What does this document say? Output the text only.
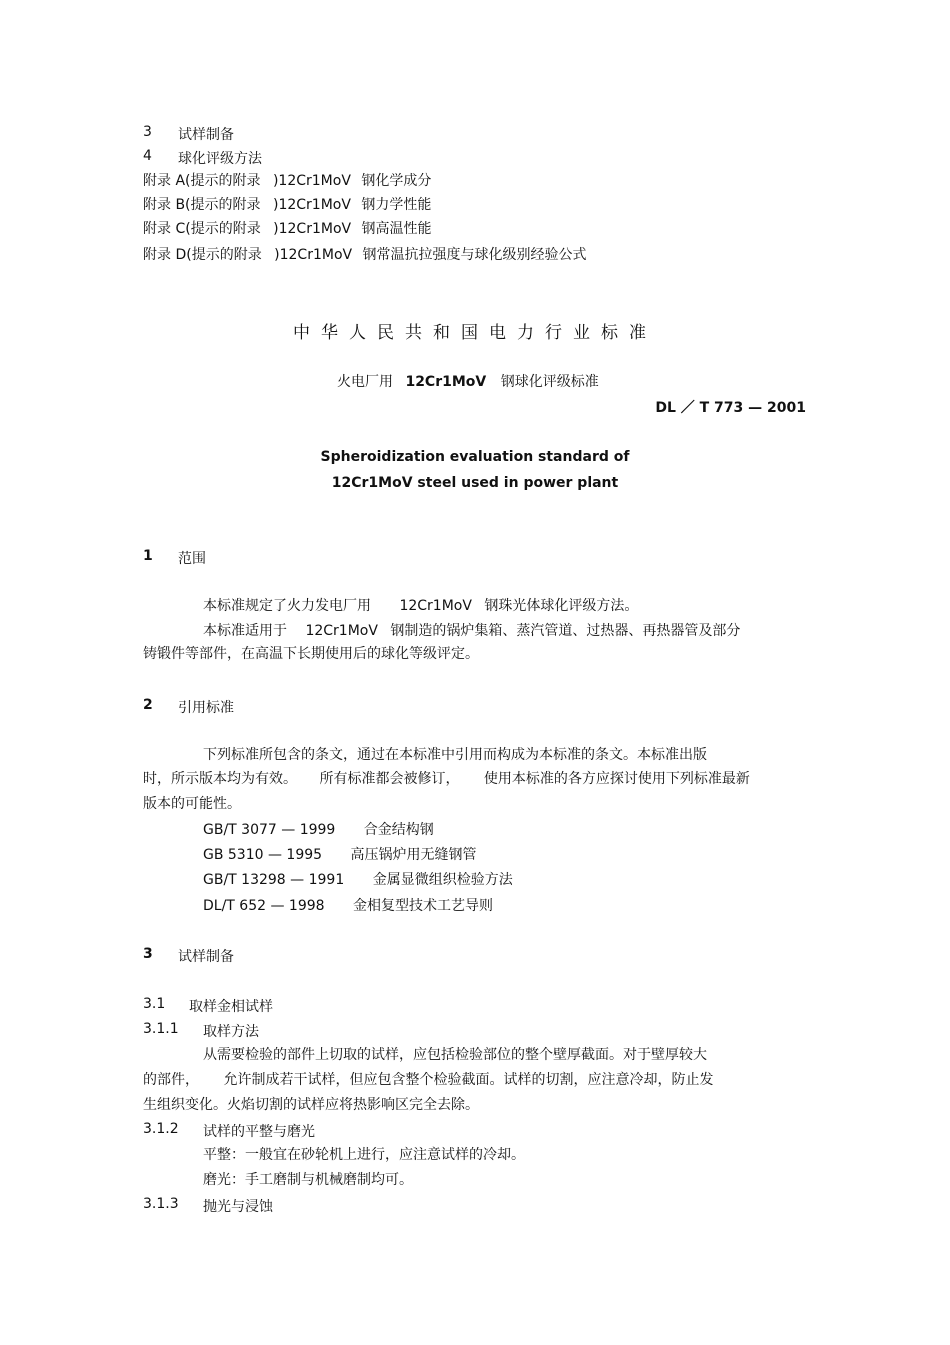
3 试样制备
4 球化评级方法
附录 A(提示的附录 )12Cr1MoV 钢化学成分
附录 B(提示的附录 )12Cr1MoV 钢力学性能
附录 C(提示的附录 )12Cr1MoV 钢高温性能
附录 D(提示的附录 )12Cr1MoV 钢常温抗拉强度与球化级别经验公式
中华人民共和国电力行业标准
火电厂用 12Cr1MoV 钢球化评级标准
DL ／ T 773 — 2001
Spheroidization evaluation standard of
12Cr1MoV steel used in power plant
1 范围
本标准规定了火力发电厂用 12Cr1MoV 钢珠光体球化评级方法。
本标准适用于 12Cr1MoV 钢制造的锅炉集箱、蒸汽管道、过热器、再热器管及部分
铸锻件等部件，在高温下长期使用后的球化等级评定。
2 引用标准
下列标准所包含的条文，通过在本标准中引用而构成为本标准的条文。本标准出版
时，所示版本均为有效。 所有标准都会被修订， 使用本标准的各方应探讨使用下列标准最新
版本的可能性。
GB/T 3077 — 1999 合金结构钢
GB 5310 — 1995 高压锅炉用无缝钢管
GB/T 13298 — 1991 金属显微组织检验方法
DL/T 652 — 1998 金相复型技术工艺导则
3 试样制备
3.1 取样金相试样
3.1.1 取样方法
从需要检验的部件上切取的试样，应包括检验部位的整个壁厚截面。对于壁厚较大
的部件， 允许制成若干试样，但应包含整个检验截面。试样的切割，应注意冷却，防止发
生组织变化。火焰切割的试样应将热影响区完全去除。
3.1.2 试样的平整与磨光
平整：一般宜在砂轮机上进行，应注意试样的冷却。
磨光：手工磨制与机械磨制均可。
3.1.3 抛光与浸蚀
